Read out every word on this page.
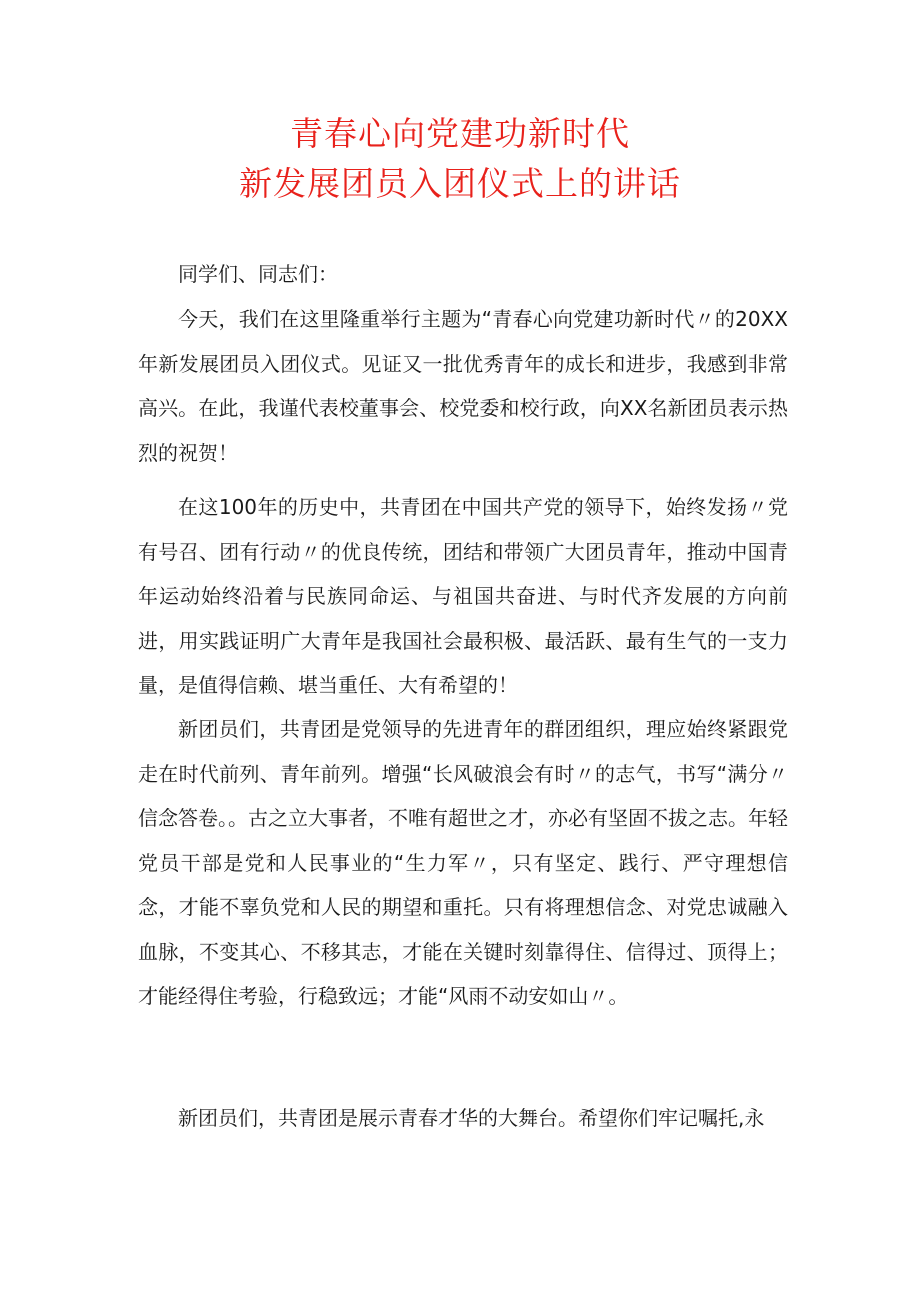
青春心向党建功新时代
新发展团员入团仪式上的讲话

同学们、同志们：

今天，我们在这里隆重举行主题为“青春心向党建功新时代〃的20XX年新发展团员入团仪式。见证又一批优秀青年的成长和进步，我感到非常高兴。在此，我谨代表校董事会、校党委和校行政，向XX名新团员表示热烈的祝贺！

在这100年的历史中，共青团在中国共产党的领导下，始终发扬〃党有号召、团有行动〃的优良传统，团结和带领广大团员青年，推动中国青年运动始终沿着与民族同命运、与祖国共奋进、与时代齐发展的方向前进，用实践证明广大青年是我国社会最积极、最活跃、最有生气的一支力量，是值得信赖、堪当重任、大有希望的！

新团员们，共青团是党领导的先进青年的群团组织，理应始终紧跟党走在时代前列、青年前列。增强“长风破浪会有时〃的志气，书写“满分〃信念答卷。。古之立大事者，不唯有超世之才，亦必有坚固不拔之志。年轻党员干部是党和人民事业的“生力军〃，只有坚定、践行、严守理想信念，才能不辜负党和人民的期望和重托。只有将理想信念、对党忠诚融入血脉，不变其心、不移其志，才能在关键时刻靠得住、信得过、顶得上；才能经得住考验，行稳致远；才能“风雨不动安如山〃。

新团员们，共青团是展示青春才华的大舞台。希望你们牢记嘱托,永
